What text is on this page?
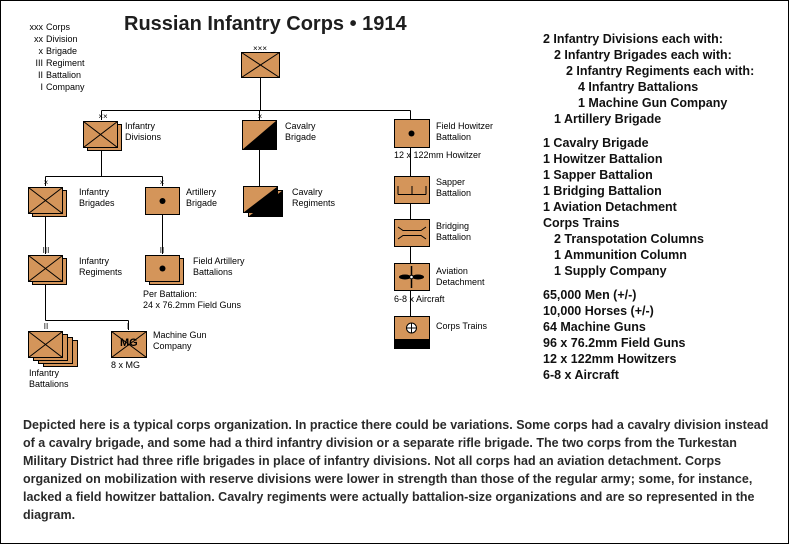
×××
××	×
×	×
III	II
II	I
MG
Russian Infantry Corps • 1914
xxx Corps
xx Division
x Brigade
III Regiment
II Battalion
I Company
Infantry
Divisions
Cavalry
Brigade
Infantry
Brigades
Artillery
Brigade
Cavalry
Regiments
Infantry
Regiments
Field Artillery
Battalions
Per Battalion:
24 x 76.2mm Field Guns
Infantry
Battalions
Machine Gun
Company
8 x MG
Field Howitzer
Battalion
12 x 122mm Howitzer
Sapper
Battalion
Bridging
Battalion
Aviation
Detachment
6-8 x Aircraft
Corps Trains
2 Infantry Divisions each with:
2 Infantry Brigades each with:
2 Infantry Regiments each with:
4 Infantry Battalions
1 Machine Gun Company
1 Artillery Brigade
1 Cavalry Brigade
1 Howitzer Battalion
1 Sapper Battalion
1 Bridging Battalion
1 Aviation Detachment
Corps Trains
2 Transpotation Columns
1 Ammunition Column
1 Supply Company
65,000 Men (+/-)
10,000 Horses (+/-)
64 Machine Guns
96 x 76.2mm Field Guns
12 x 122mm Howitzers
6-8 x Aircraft
Depicted here is a typical corps organization. In practice there could be variations. Some corps had a cavalry division instead of a cavalry brigade, and some had a third infantry division or a separate rifle brigade. The two corps from the Turkestan Military District had three rifle brigades in place of infantry divisions. Not all corps had an aviation detachment. Corps organized on mobilization with reserve divisions were lower in strength than those of the regular army; some, for instance, lacked a field howitzer battalion. Cavalry regiments were actually battalion-size organizations and are so represented in the diagram.
